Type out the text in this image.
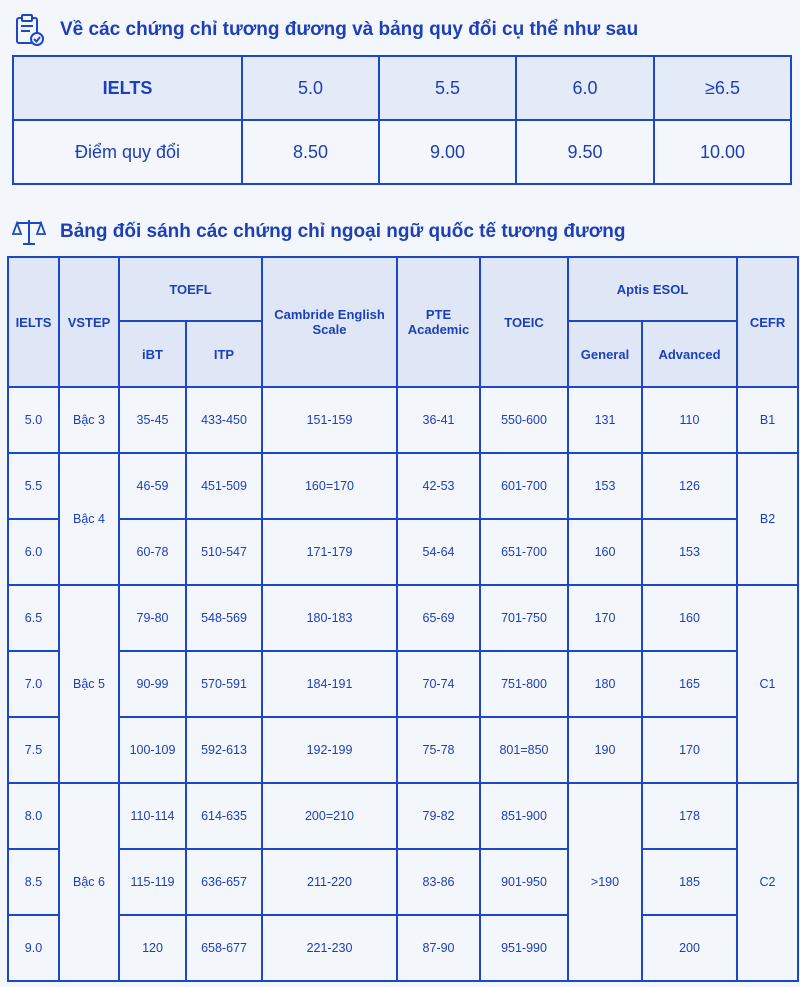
Về các chứng chỉ tương đương và bảng quy đổi cụ thể như sau
IELTS	5.0	5.5	6.0	≥6.5
Điểm quy đổi	8.50	9.00	9.50	10.00
Bảng đối sánh các chứng chỉ ngoại ngữ quốc tế tương đương
IELTS	VSTEP	TOEFL		Cambride English Scale	PTE Academic	TOEIC	Aptis ESOL		CEFR
		iBT	ITP				General	Advanced	
5.0	Bậc 3	35-45	433-450	151-159	36-41	550-600	131	110	B1
5.5	Bậc 4	46-59	451-509	160=170	42-53	601-700	153	126	B2
6.0		60-78	510-547	171-179	54-64	651-700	160	153	
6.5	Bậc 5	79-80	548-569	180-183	65-69	701-750	170	160	C1
7.0		90-99	570-591	184-191	70-74	751-800	180	165	
7.5		100-109	592-613	192-199	75-78	801=850	190	170	
8.0	Bậc 6	110-114	614-635	200=210	79-82	851-900	>190	178	C2
8.5		115-119	636-657	211-220	83-86	901-950		185	
9.0		120	658-677	221-230	87-90	951-990		200	
